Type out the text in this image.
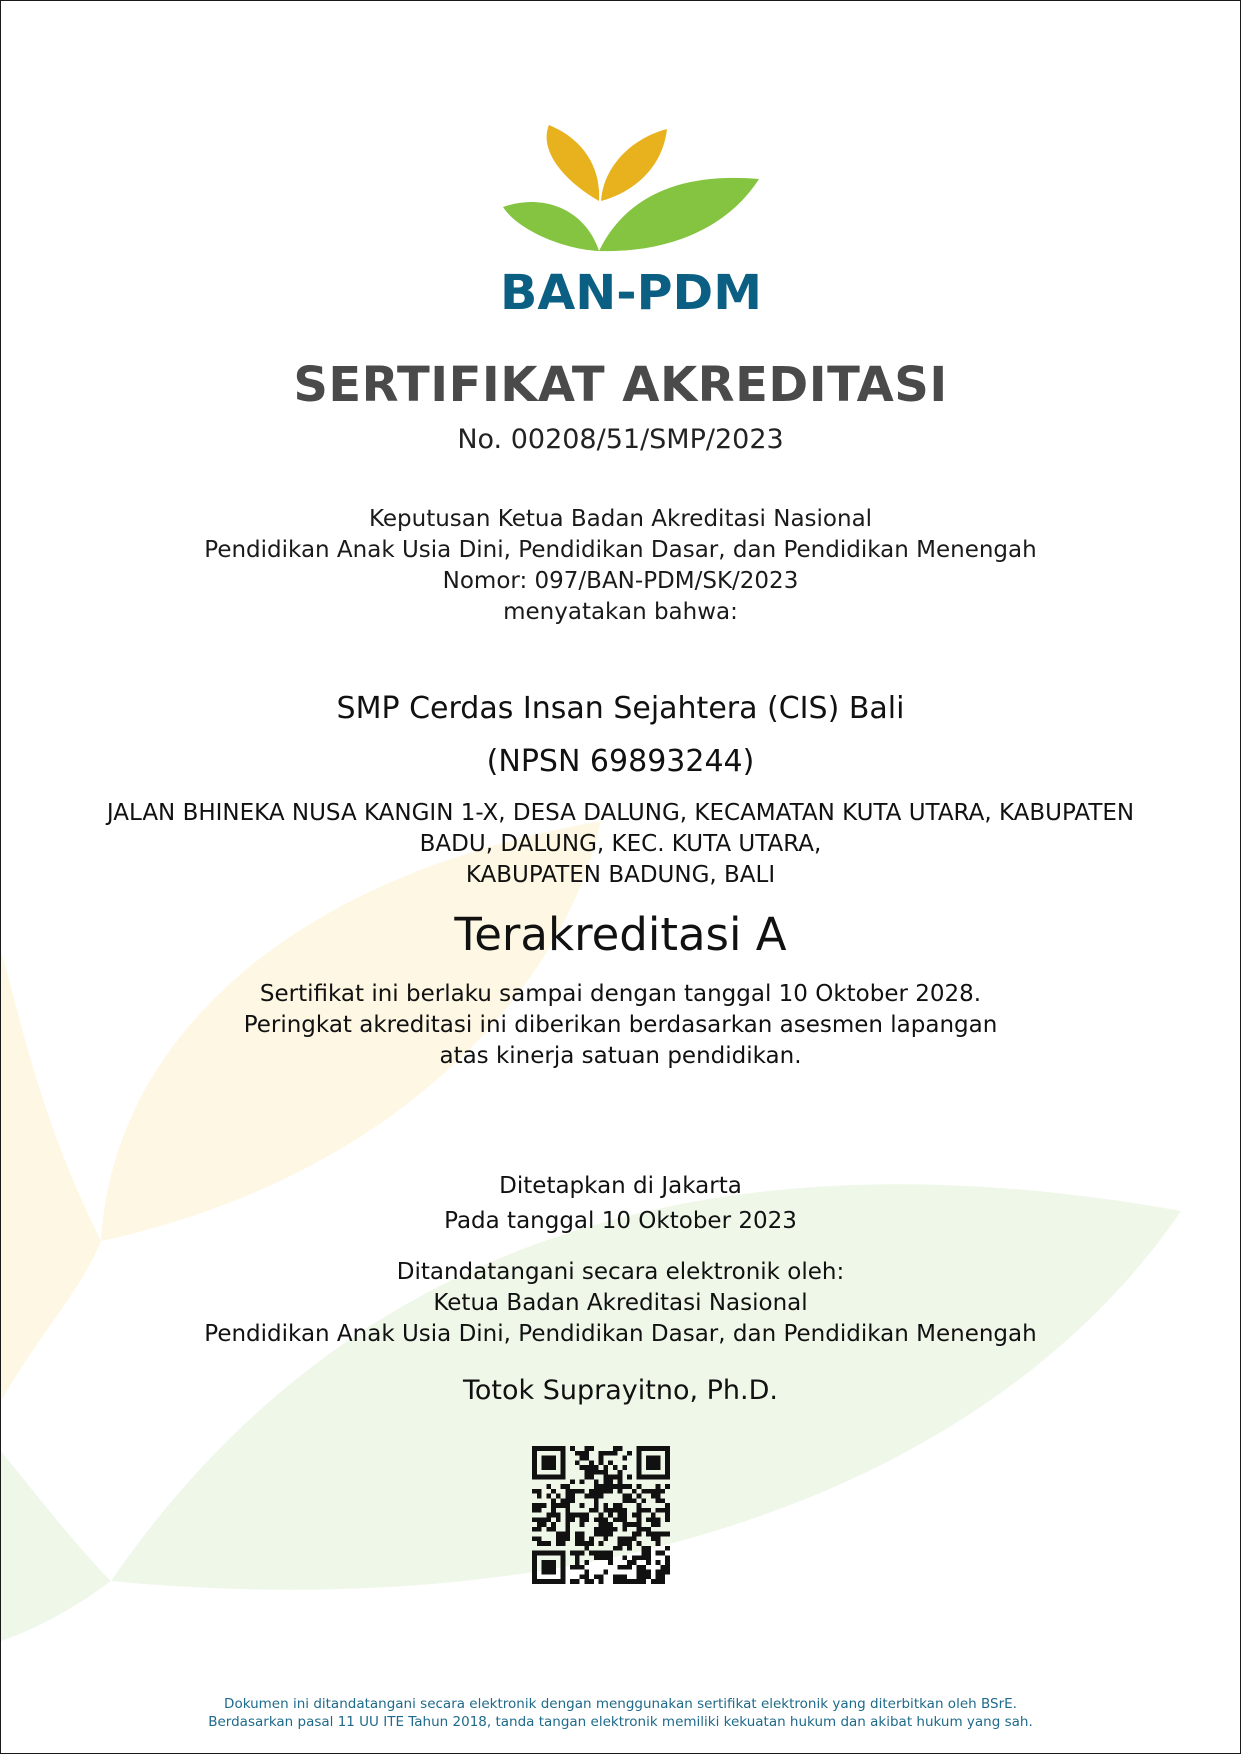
BAN-PDM
SERTIFIKAT AKREDITASI
No. 00208/51/SMP/2023
Keputusan Ketua Badan Akreditasi Nasional
Pendidikan Anak Usia Dini, Pendidikan Dasar, dan Pendidikan Menengah
Nomor: 097/BAN-PDM/SK/2023
menyatakan bahwa:
SMP Cerdas Insan Sejahtera (CIS) Bali
(NPSN 69893244)
JALAN BHINEKA NUSA KANGIN 1-X, DESA DALUNG, KECAMATAN KUTA UTARA, KABUPATEN
BADU, DALUNG, KEC. KUTA UTARA,
KABUPATEN BADUNG, BALI
Terakreditasi A
Sertifikat ini berlaku sampai dengan tanggal 10 Oktober 2028.
Peringkat akreditasi ini diberikan berdasarkan asesmen lapangan
atas kinerja satuan pendidikan.
Ditetapkan di Jakarta
Pada tanggal 10 Oktober 2023
Ditandatangani secara elektronik oleh:
Ketua Badan Akreditasi Nasional
Pendidikan Anak Usia Dini, Pendidikan Dasar, dan Pendidikan Menengah
Totok Suprayitno, Ph.D.
Dokumen ini ditandatangani secara elektronik dengan menggunakan sertifikat elektronik yang diterbitkan oleh BSrE.
Berdasarkan pasal 11 UU ITE Tahun 2018, tanda tangan elektronik memiliki kekuatan hukum dan akibat hukum yang sah.
